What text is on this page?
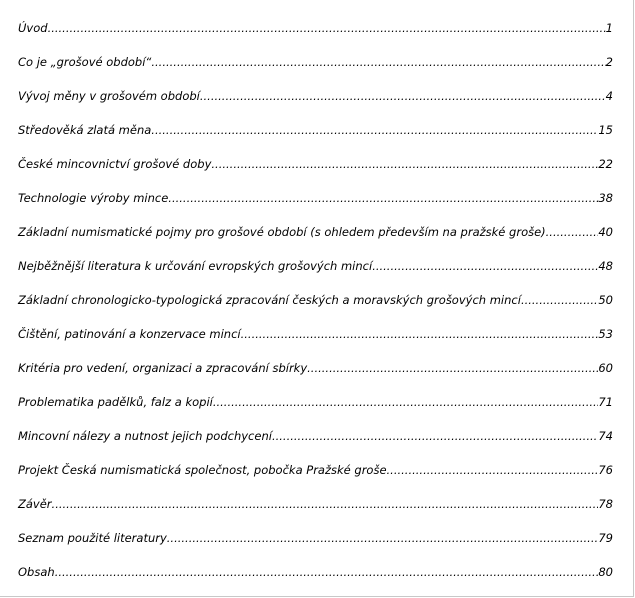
Úvod .....	1
Co je „grošové období“ .....	2
Vývoj měny v grošovém období .....	4
Středověká zlatá měna .....	15
České mincovnictví grošové doby .....	22
Technologie výroby mince .....	38
Základní numismatické pojmy pro grošové období (s ohledem především na pražské groše) .....	40
Nejběžnější literatura k určování evropských grošových mincí .....	48
Základní chronologicko-typologická zpracování českých a moravských grošových mincí .....	50
Čištění, patinování a konzervace mincí .....	53
Kritéria pro vedení, organizaci a zpracování sbírky .....	60
Problematika padělků, falz a kopií .....	71
Mincovní nálezy a nutnost jejich podchycení .....	74
Projekt Česká numismatická společnost, pobočka Pražské groše .....	76
Závěr .....	78
Seznam použité literatury .....	79
Obsah .....	80
